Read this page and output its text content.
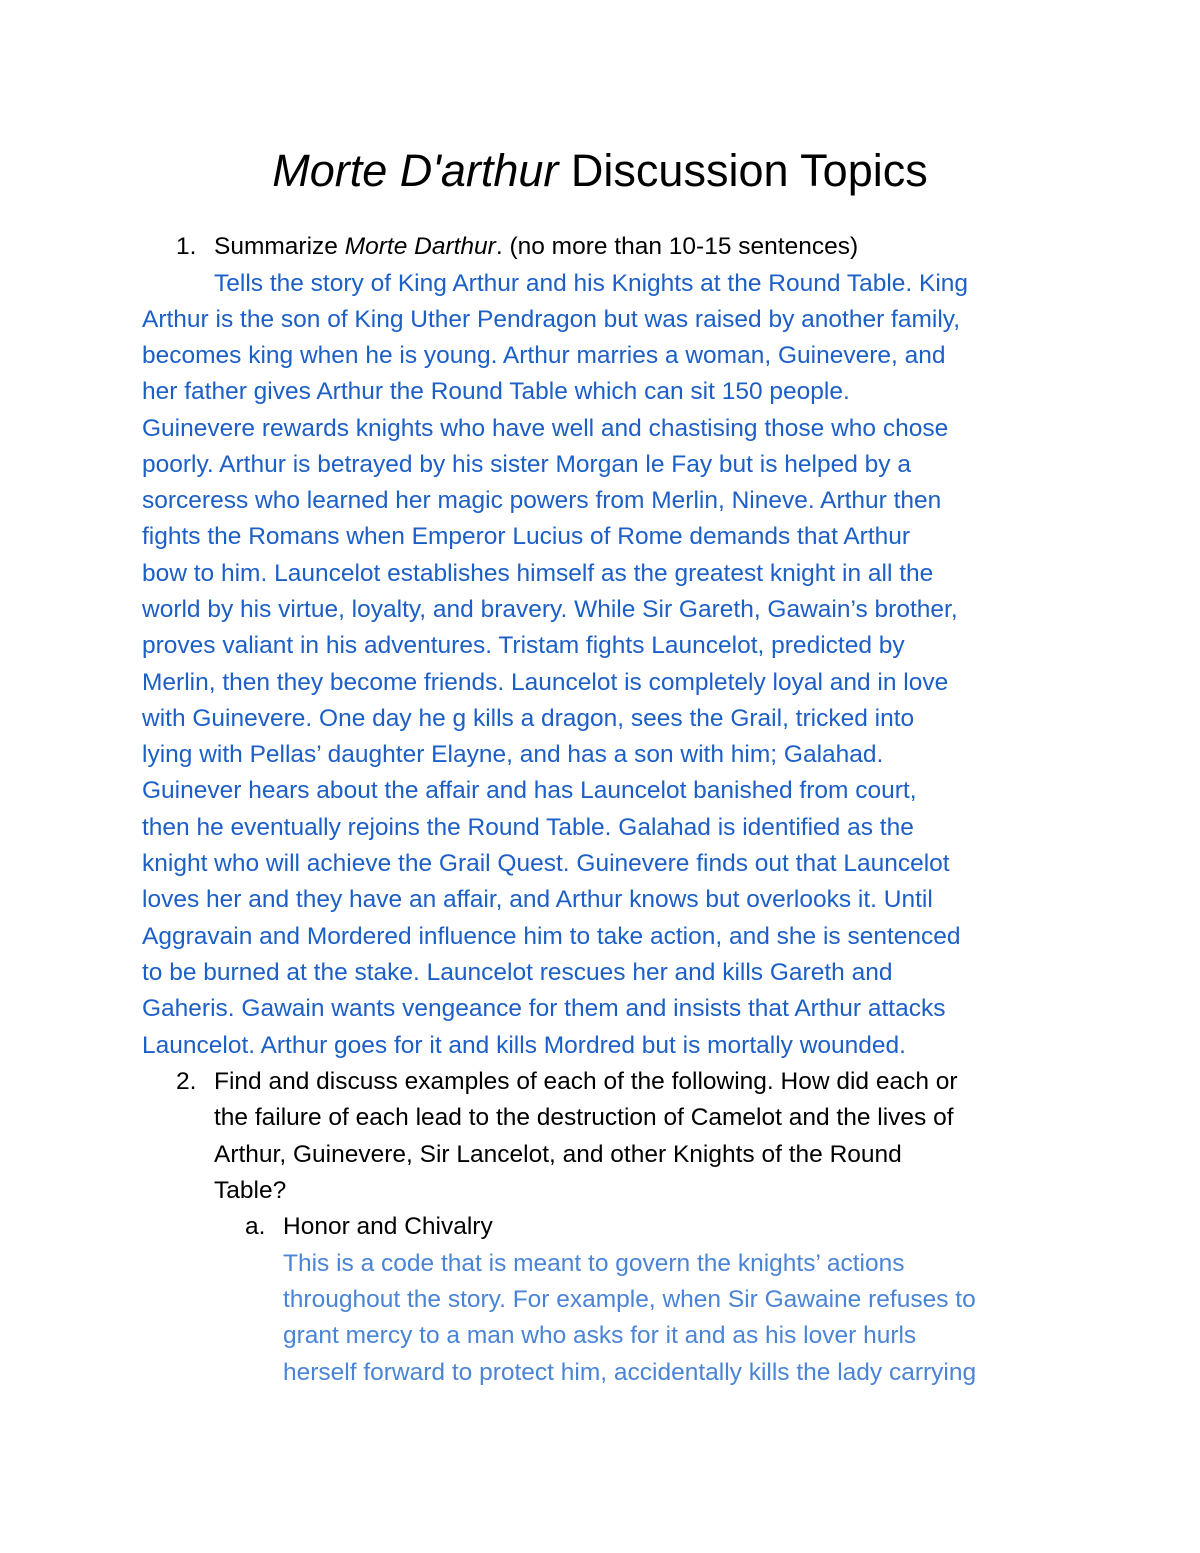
Morte D'arthur Discussion Topics
1. Summarize Morte Darthur. (no more than 10-15 sentences)
Tells the story of King Arthur and his Knights at the Round Table. King
Arthur is the son of King Uther Pendragon but was raised by another family,
becomes king when he is young. Arthur marries a woman, Guinevere, and
her father gives Arthur the Round Table which can sit 150 people.
Guinevere rewards knights who have well and chastising those who chose
poorly. Arthur is betrayed by his sister Morgan le Fay but is helped by a
sorceress who learned her magic powers from Merlin, Nineve. Arthur then
fights the Romans when Emperor Lucius of Rome demands that Arthur
bow to him. Launcelot establishes himself as the greatest knight in all the
world by his virtue, loyalty, and bravery. While Sir Gareth, Gawain’s brother,
proves valiant in his adventures. Tristam fights Launcelot, predicted by
Merlin, then they become friends. Launcelot is completely loyal and in love
with Guinevere. One day he g kills a dragon, sees the Grail, tricked into
lying with Pellas’ daughter Elayne, and has a son with him; Galahad.
Guinever hears about the affair and has Launcelot banished from court,
then he eventually rejoins the Round Table. Galahad is identified as the
knight who will achieve the Grail Quest. Guinevere finds out that Launcelot
loves her and they have an affair, and Arthur knows but overlooks it. Until
Aggravain and Mordered influence him to take action, and she is sentenced
to be burned at the stake. Launcelot rescues her and kills Gareth and
Gaheris. Gawain wants vengeance for them and insists that Arthur attacks
Launcelot. Arthur goes for it and kills Mordred but is mortally wounded.
2. Find and discuss examples of each of the following. How did each or
the failure of each lead to the destruction of Camelot and the lives of
Arthur, Guinevere, Sir Lancelot, and other Knights of the Round
Table?
a. Honor and Chivalry
This is a code that is meant to govern the knights’ actions
throughout the story. For example, when Sir Gawaine refuses to
grant mercy to a man who asks for it and as his lover hurls
herself forward to protect him, accidentally kills the lady carrying
